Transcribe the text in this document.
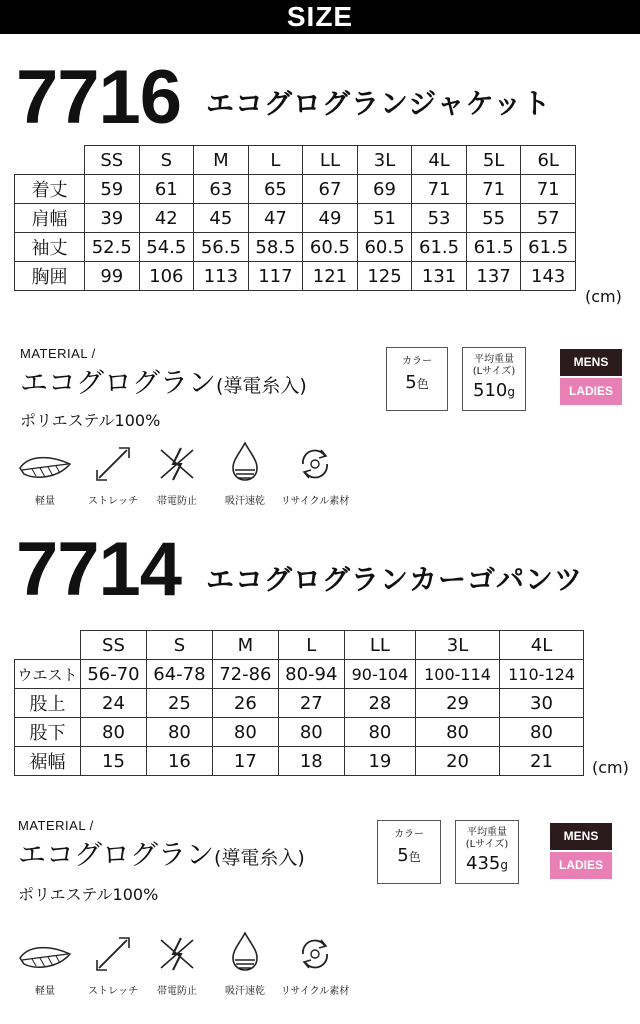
SIZE
7716 エコグログランジャケット
	SS	S	M	L	LL	3L	4L	5L	6L
着丈	59	61	63	65	67	69	71	71	71
肩幅	39	42	45	47	49	51	53	55	57
袖丈	52.5	54.5	56.5	58.5	60.5	60.5	61.5	61.5	61.5
胸囲	99	106	113	117	121	125	131	137	143
(cm)
MATERIAL /
エコグログラン(導電糸入)
ポリエステル100%
カラー
5色
平均重量
(Lサイズ)
510g
MENS
LADIES
軽量	ストレッチ	帯電防止	吸汗速乾	リサイクル素材
7714 エコグログランカーゴパンツ
	SS	S	M	L	LL	3L	4L
ウエスト	56-70	64-78	72-86	80-94	90-104	100-114	110-124
股上	24	25	26	27	28	29	30
股下	80	80	80	80	80	80	80
裾幅	15	16	17	18	19	20	21 (cm)
MATERIAL /
エコグログラン(導電糸入)
ポリエステル100%
カラー
5色
平均重量
(Lサイズ)
435g
MENS
LADIES
軽量	ストレッチ	帯電防止	吸汗速乾	リサイクル素材
